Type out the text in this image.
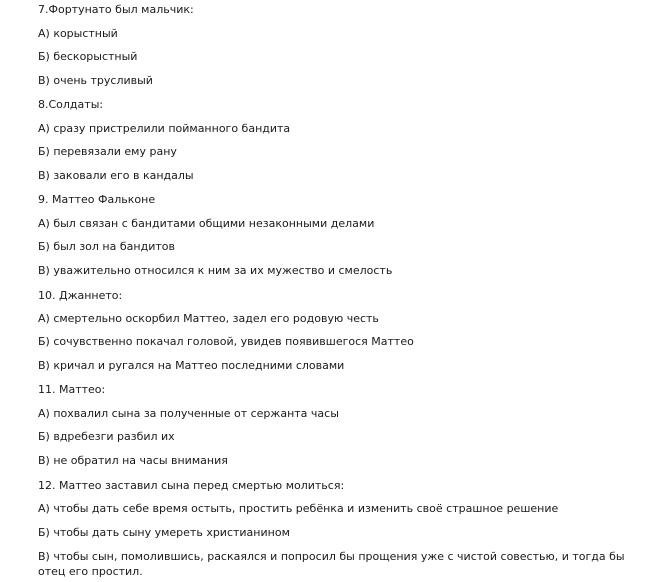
7.Фортунато был мальчик:
А) корыстный
Б) бескорыстный
В) очень трусливый
8.Солдаты:
А) сразу пристрелили пойманного бандита
Б) перевязали ему рану
В) заковали его в кандалы
9. Маттео Фальконе
А) был связан с бандитами общими незаконными делами
Б) был зол на бандитов
В) уважительно относился к ним за их мужество и смелость
10. Джаннето:
А) смертельно оскорбил Маттео, задел его родовую честь
Б) сочувственно покачал головой, увидев появившегося Маттео
В) кричал и ругался на Маттео последними словами
11. Маттео:
А) похвалил сына за полученные от сержанта часы
Б) вдребезги разбил их
В) не обратил на часы внимания
12. Маттео заставил сына перед смертью молиться:
А) чтобы дать себе время остыть, простить ребёнка и изменить своё страшное решение
Б) чтобы дать сыну умереть христианином
В) чтобы сын, помолившись, раскаялся и попросил бы прощения уже с чистой совестью, и тогда бы отец его простил.
